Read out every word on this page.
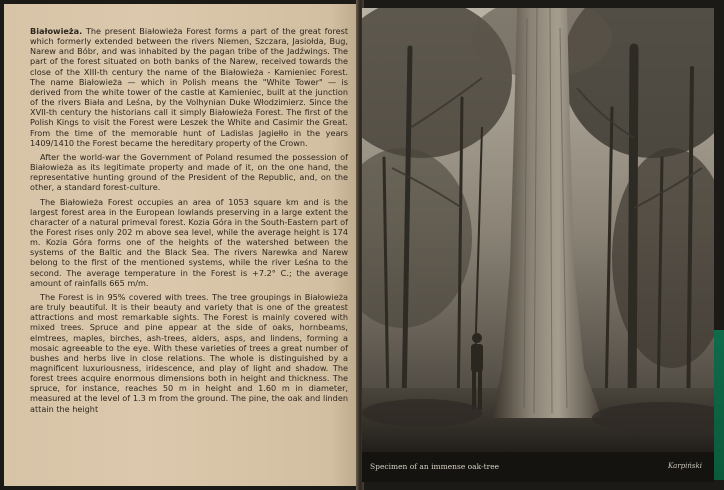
Białowieża. The present Białowieża Forest forms a part of the great forest which formerly extended between the rivers Niemen, Szczara, Jasiołda, Bug, Narew and Bóbr, and was inhabited by the pagan tribe of the Jadźwings. The part of the forest situated on both banks of the Narew, received towards the close of the XIII-th century the name of the Białowieża - Kamieniec Forest. The name Białowieża — which in Polish means the "White Tower" — is derived from the white tower of the castle at Kamieniec, built at the junction of the rivers Biała and Leśna, by the Volhynian Duke Włodzimierz. Since the XVII-th century the historians call it simply Białowieża Forest. The first of the Polish Kings to visit the Forest were Leszek the White and Casimir the Great. From the time of the memorable hunt of Ladislas Jagiełło in the years 1409/1410 the Forest became the hereditary property of the Crown.

After the world-war the Government of Poland resumed the possession of Białowieża as its legitimate property and made of it, on the one hand, the representative hunting ground of the President of the Republic, and, on the other, a standard forest-culture.

The Białowieża Forest occupies an area of 1053 square km and is the largest forest area in the European lowlands preserving in a large extent the character of a natural primeval forest. Kozia Góra in the South-Eastern part of the Forest rises only 202 m above sea level, while the average height is 174 m. Kozia Góra forms one of the heights of the watershed between the systems of the Baltic and the Black Sea. The rivers Narewka and Narew belong to the first of the mentioned systems, while the river Leśna to the second. The average temperature in the Forest is +7.2° C.; the average amount of rainfalls 665 m/m.

The Forest is in 95% covered with trees. The tree groupings in Białowieża are truly beautiful. It is their beauty and variety that is one of the greatest attractions and most remarkable sights. The Forest is mainly covered with mixed trees. Spruce and pine appear at the side of oaks, hornbeams, elmtrees, maples, birches, ash-trees, alders, asps, and lindens, forming a mosaic agreeable to the eye. With these varieties of trees a great number of bushes and herbs live in close relations. The whole is distinguished by a magnificent luxuriousness, iridescence, and play of light and shadow. The forest trees acquire enormous dimensions both in height and thickness. The spruce, for instance, reaches 50 m in height and 1.60 m in diameter, measured at the level of 1.3 m from the ground. The pine, the oak and linden attain the height

Specimen of an immense oak-tree	Karpiński
